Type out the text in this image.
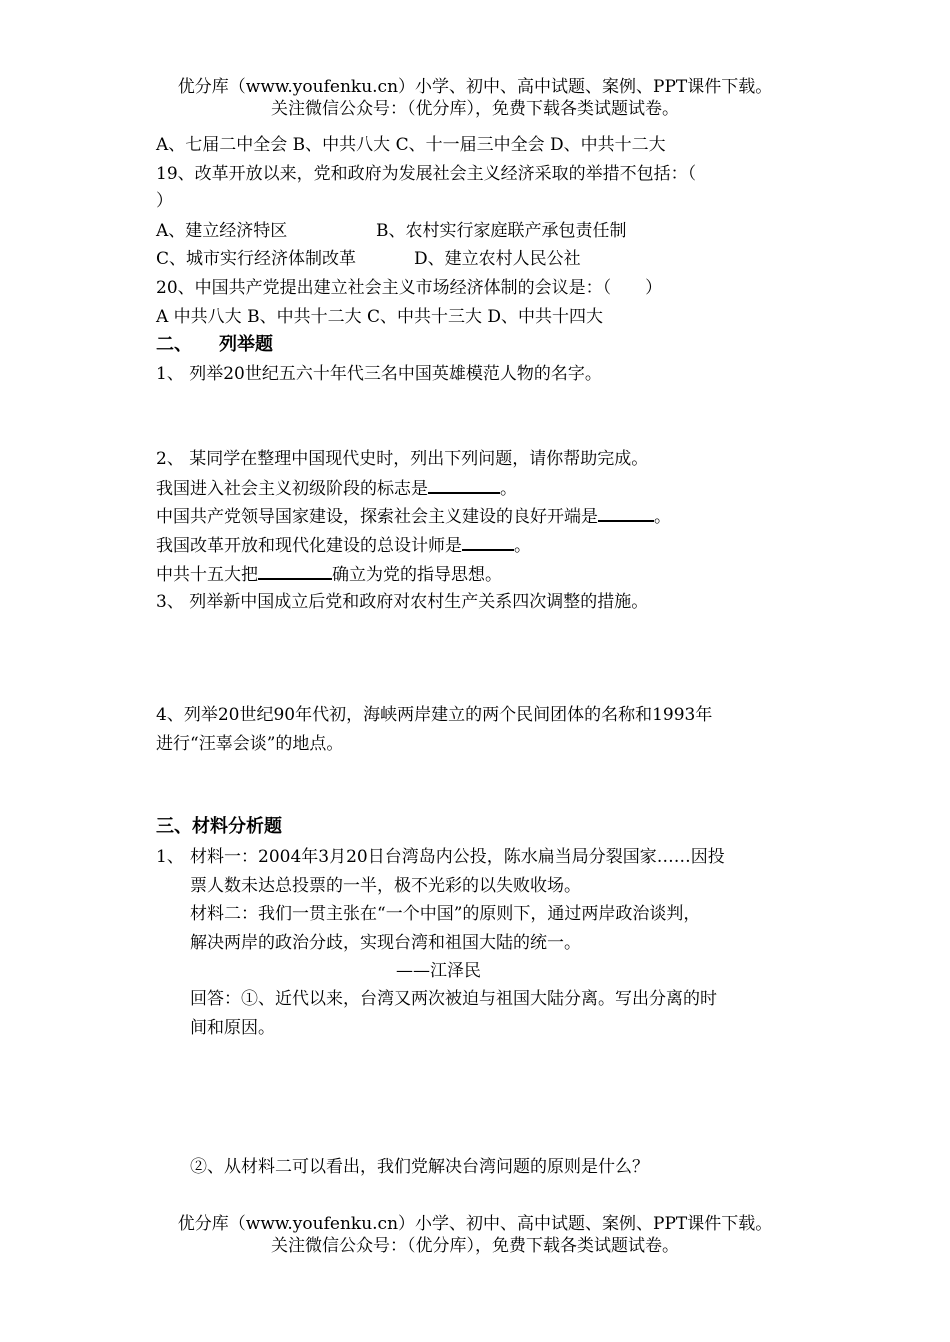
优分库（www.youfenku.cn）小学、初中、高中试题、案例、PPT课件下载。
关注微信公众号：（优分库），免费下载各类试题试卷。
A、七届二中全会 B、中共八大 C、十一届三中全会 D、中共十二大
19、改革开放以来，党和政府为发展社会主义经济采取的举措不包括：（
）
A、建立经济特区	B、农村实行家庭联产承包责任制
C、城市实行经济体制改革	D、建立农村人民公社
20、中国共产党提出建立社会主义市场经济体制的会议是：（　　）
A 中共八大 B、中共十二大 C、中共十三大 D、中共十四大
二、　　列举题
1、 列举20世纪五六十年代三名中国英雄模范人物的名字。
2、 某同学在整理中国现代史时，列出下列问题，请你帮助完成。
我国进入社会主义初级阶段的标志是	。
中国共产党领导国家建设，探索社会主义建设的良好开端是	。
我国改革开放和现代化建设的总设计师是	。
中共十五大把	确立为党的指导思想。
3、 列举新中国成立后党和政府对农村生产关系四次调整的措施。
4、列举20世纪90年代初，海峡两岸建立的两个民间团体的名称和1993年
进行“汪辜会谈”的地点。
三、材料分析题
1、 材料一：2004年3月20日台湾岛内公投，陈水扁当局分裂国家……因投
票人数未达总投票的一半，极不光彩的以失败收场。
材料二：我们一贯主张在“一个中国”的原则下，通过两岸政治谈判，
解决两岸的政治分歧，实现台湾和祖国大陆的统一。
——江泽民
回答：①、近代以来，台湾又两次被迫与祖国大陆分离。写出分离的时
间和原因。
②、从材料二可以看出，我们党解决台湾问题的原则是什么？
优分库（www.youfenku.cn）小学、初中、高中试题、案例、PPT课件下载。
关注微信公众号：（优分库），免费下载各类试题试卷。
